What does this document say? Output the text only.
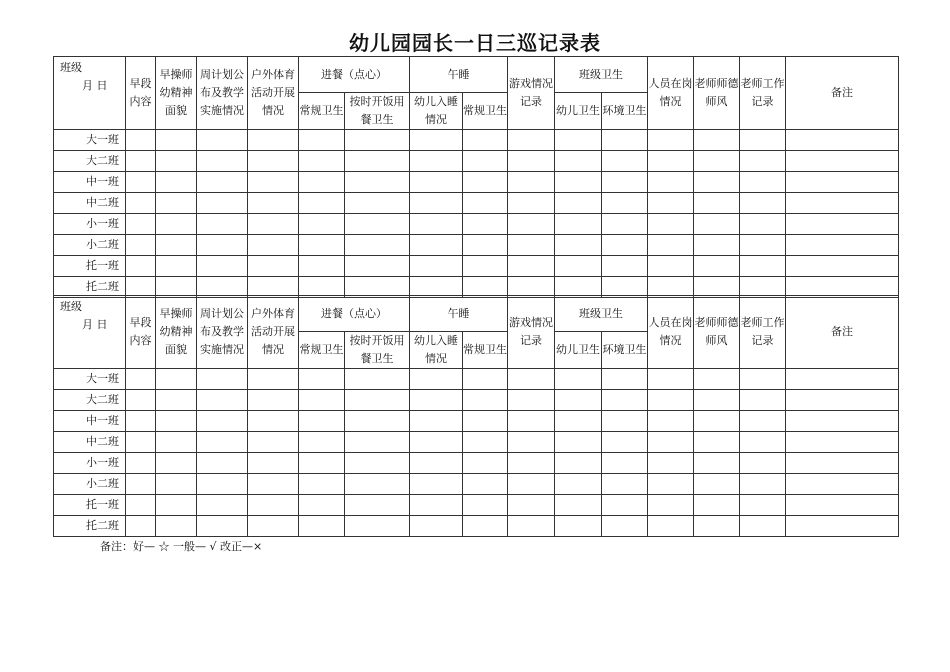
幼儿园园长一日三巡记录表
班级
月 日	早段内容	早操师幼精神面貌	周计划公布及教学实施情况	户外体育活动开展情况	进餐（点心）		午睡		游戏情况记录	班级卫生		人员在岗情况	老师师德师风	老师工作记录	备注
					常规卫生	按时开饭用餐卫生	幼儿入睡情况	常规卫生		幼儿卫生	环境卫生				
大一班															
大二班															
中一班															
中二班															
小一班															
小二班															
托一班															
托二班															
班级
月 日	早段内容	早操师幼精神面貌	周计划公布及教学实施情况	户外体育活动开展情况	进餐（点心）		午睡		游戏情况记录	班级卫生		人员在岗情况	老师师德师风	老师工作记录	备注
					常规卫生	按时开饭用餐卫生	幼儿入睡情况	常规卫生		幼儿卫生	环境卫生				
大一班															
大二班															
中一班															
中二班															
小一班															
小二班															
托一班															
托二班															
备注：好— ☆ 一般— √ 改正—×
